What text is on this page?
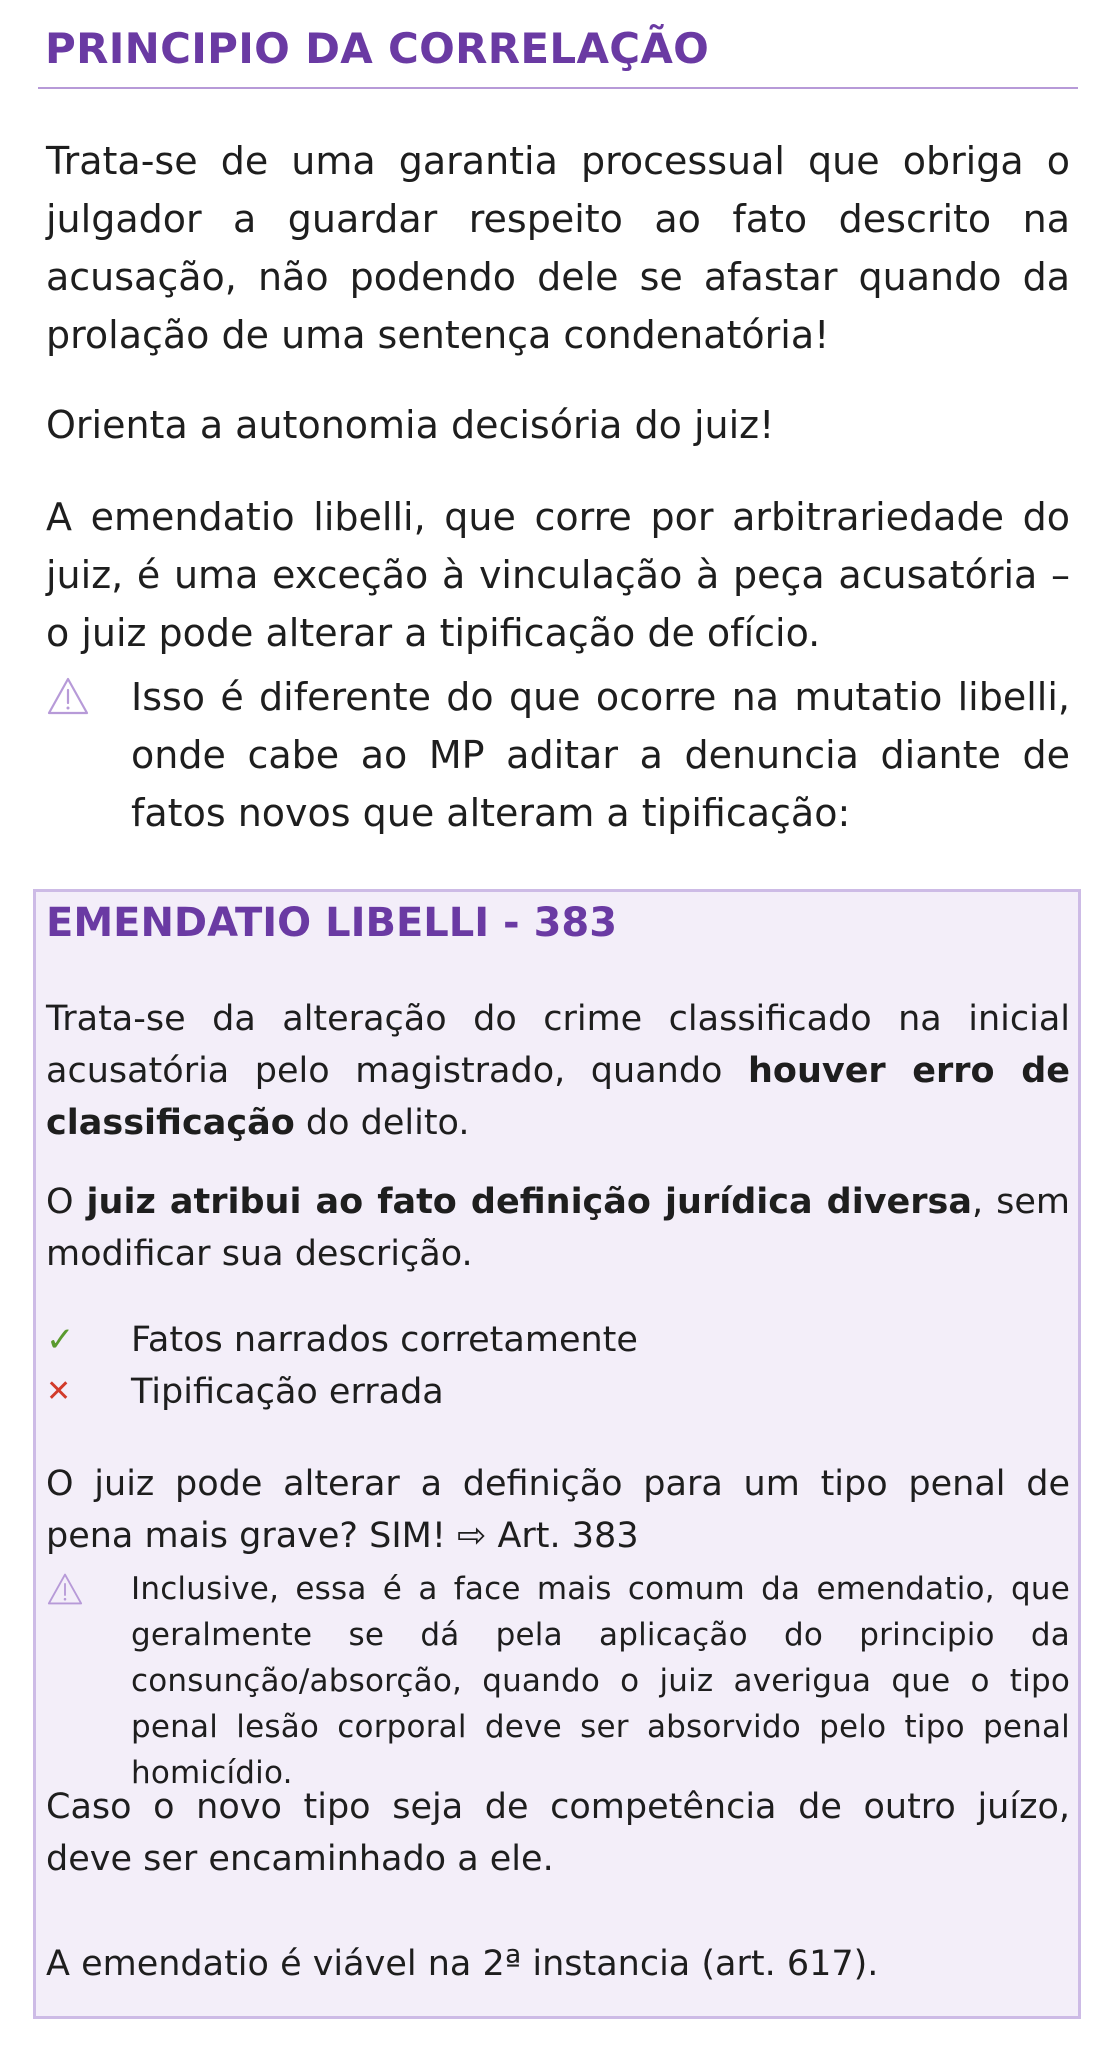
PRINCIPIO DA CORRELAÇÃO

Trata-se de uma garantia processual que obriga o julgador a guardar respeito ao fato descrito na acusação, não podendo dele se afastar quando da prolação de uma sentença condenatória!

Orienta a autonomia decisória do juiz!

A emendatio libelli, que corre por arbitrariedade do juiz, é uma exceção à vinculação à peça acusatória – o juiz pode alterar a tipificação de ofício.

Isso é diferente do que ocorre na mutatio libelli, onde cabe ao MP aditar a denuncia diante de fatos novos que alteram a tipificação:
EMENDATIO LIBELLI - 383

Trata-se da alteração do crime classificado na inicial acusatória pelo magistrado, quando houver erro de classificação do delito.

O juiz atribui ao fato definição jurídica diversa, sem modificar sua descrição.

✓	Fatos narrados corretamente
✕	Tipificação errada

O juiz pode alterar a definição para um tipo penal de pena mais grave? SIM! ⇨ Art. 383

Inclusive, essa é a face mais comum da emendatio, que geralmente se dá pela aplicação do principio da consunção/absorção, quando o juiz averigua que o tipo penal lesão corporal deve ser absorvido pelo tipo penal homicídio.

Caso o novo tipo seja de competência de outro juízo, deve ser encaminhado a ele.

A emendatio é viável na 2ª instancia (art. 617).
